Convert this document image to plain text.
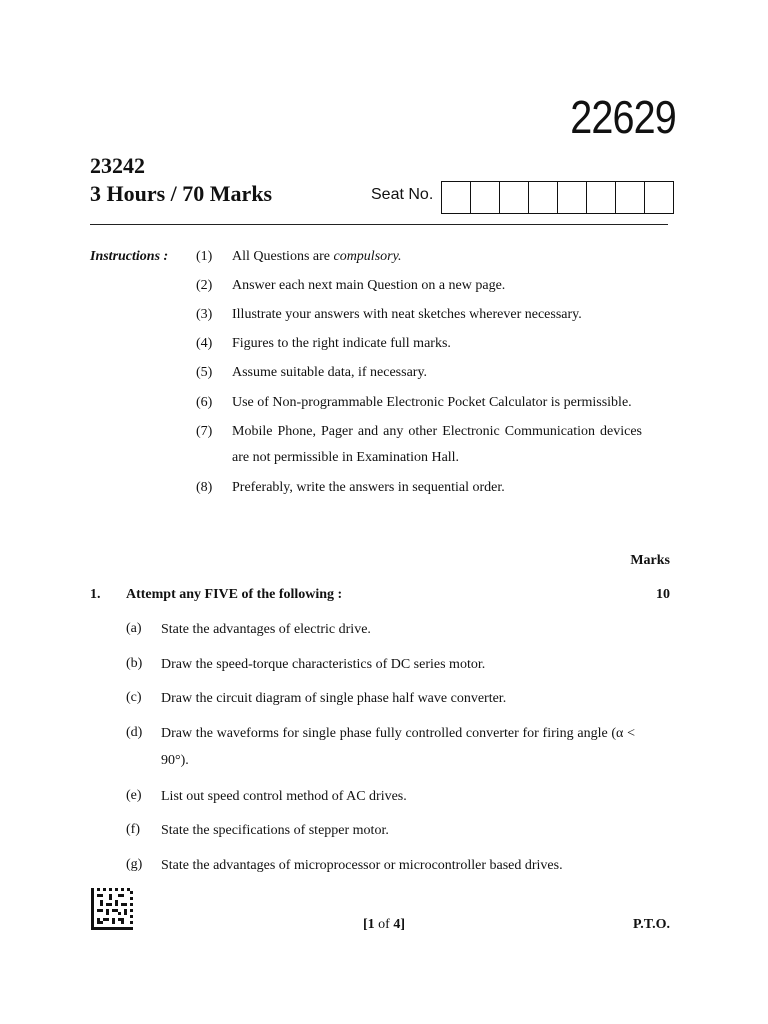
22629
23242
3 Hours / 70 Marks	Seat No.
Instructions : (1) All Questions are compulsory.
(2) Answer each next main Question on a new page.
(3) Illustrate your answers with neat sketches wherever necessary.
(4) Figures to the right indicate full marks.
(5) Assume suitable data, if necessary.
(6) Use of Non-programmable Electronic Pocket Calculator is permissible.
(7) Mobile Phone, Pager and any other Electronic Communication devices are not permissible in Examination Hall.
(8) Preferably, write the answers in sequential order.
Marks
1. Attempt any FIVE of the following :	10
(a) State the advantages of electric drive.
(b) Draw the speed-torque characteristics of DC series motor.
(c) Draw the circuit diagram of single phase half wave converter.
(d) Draw the waveforms for single phase fully controlled converter for firing angle (α < 90°).
(e) List out speed control method of AC drives.
(f) State the specifications of stepper motor.
(g) State the advantages of microprocessor or microcontroller based drives.
[1 of 4]	P.T.O.
